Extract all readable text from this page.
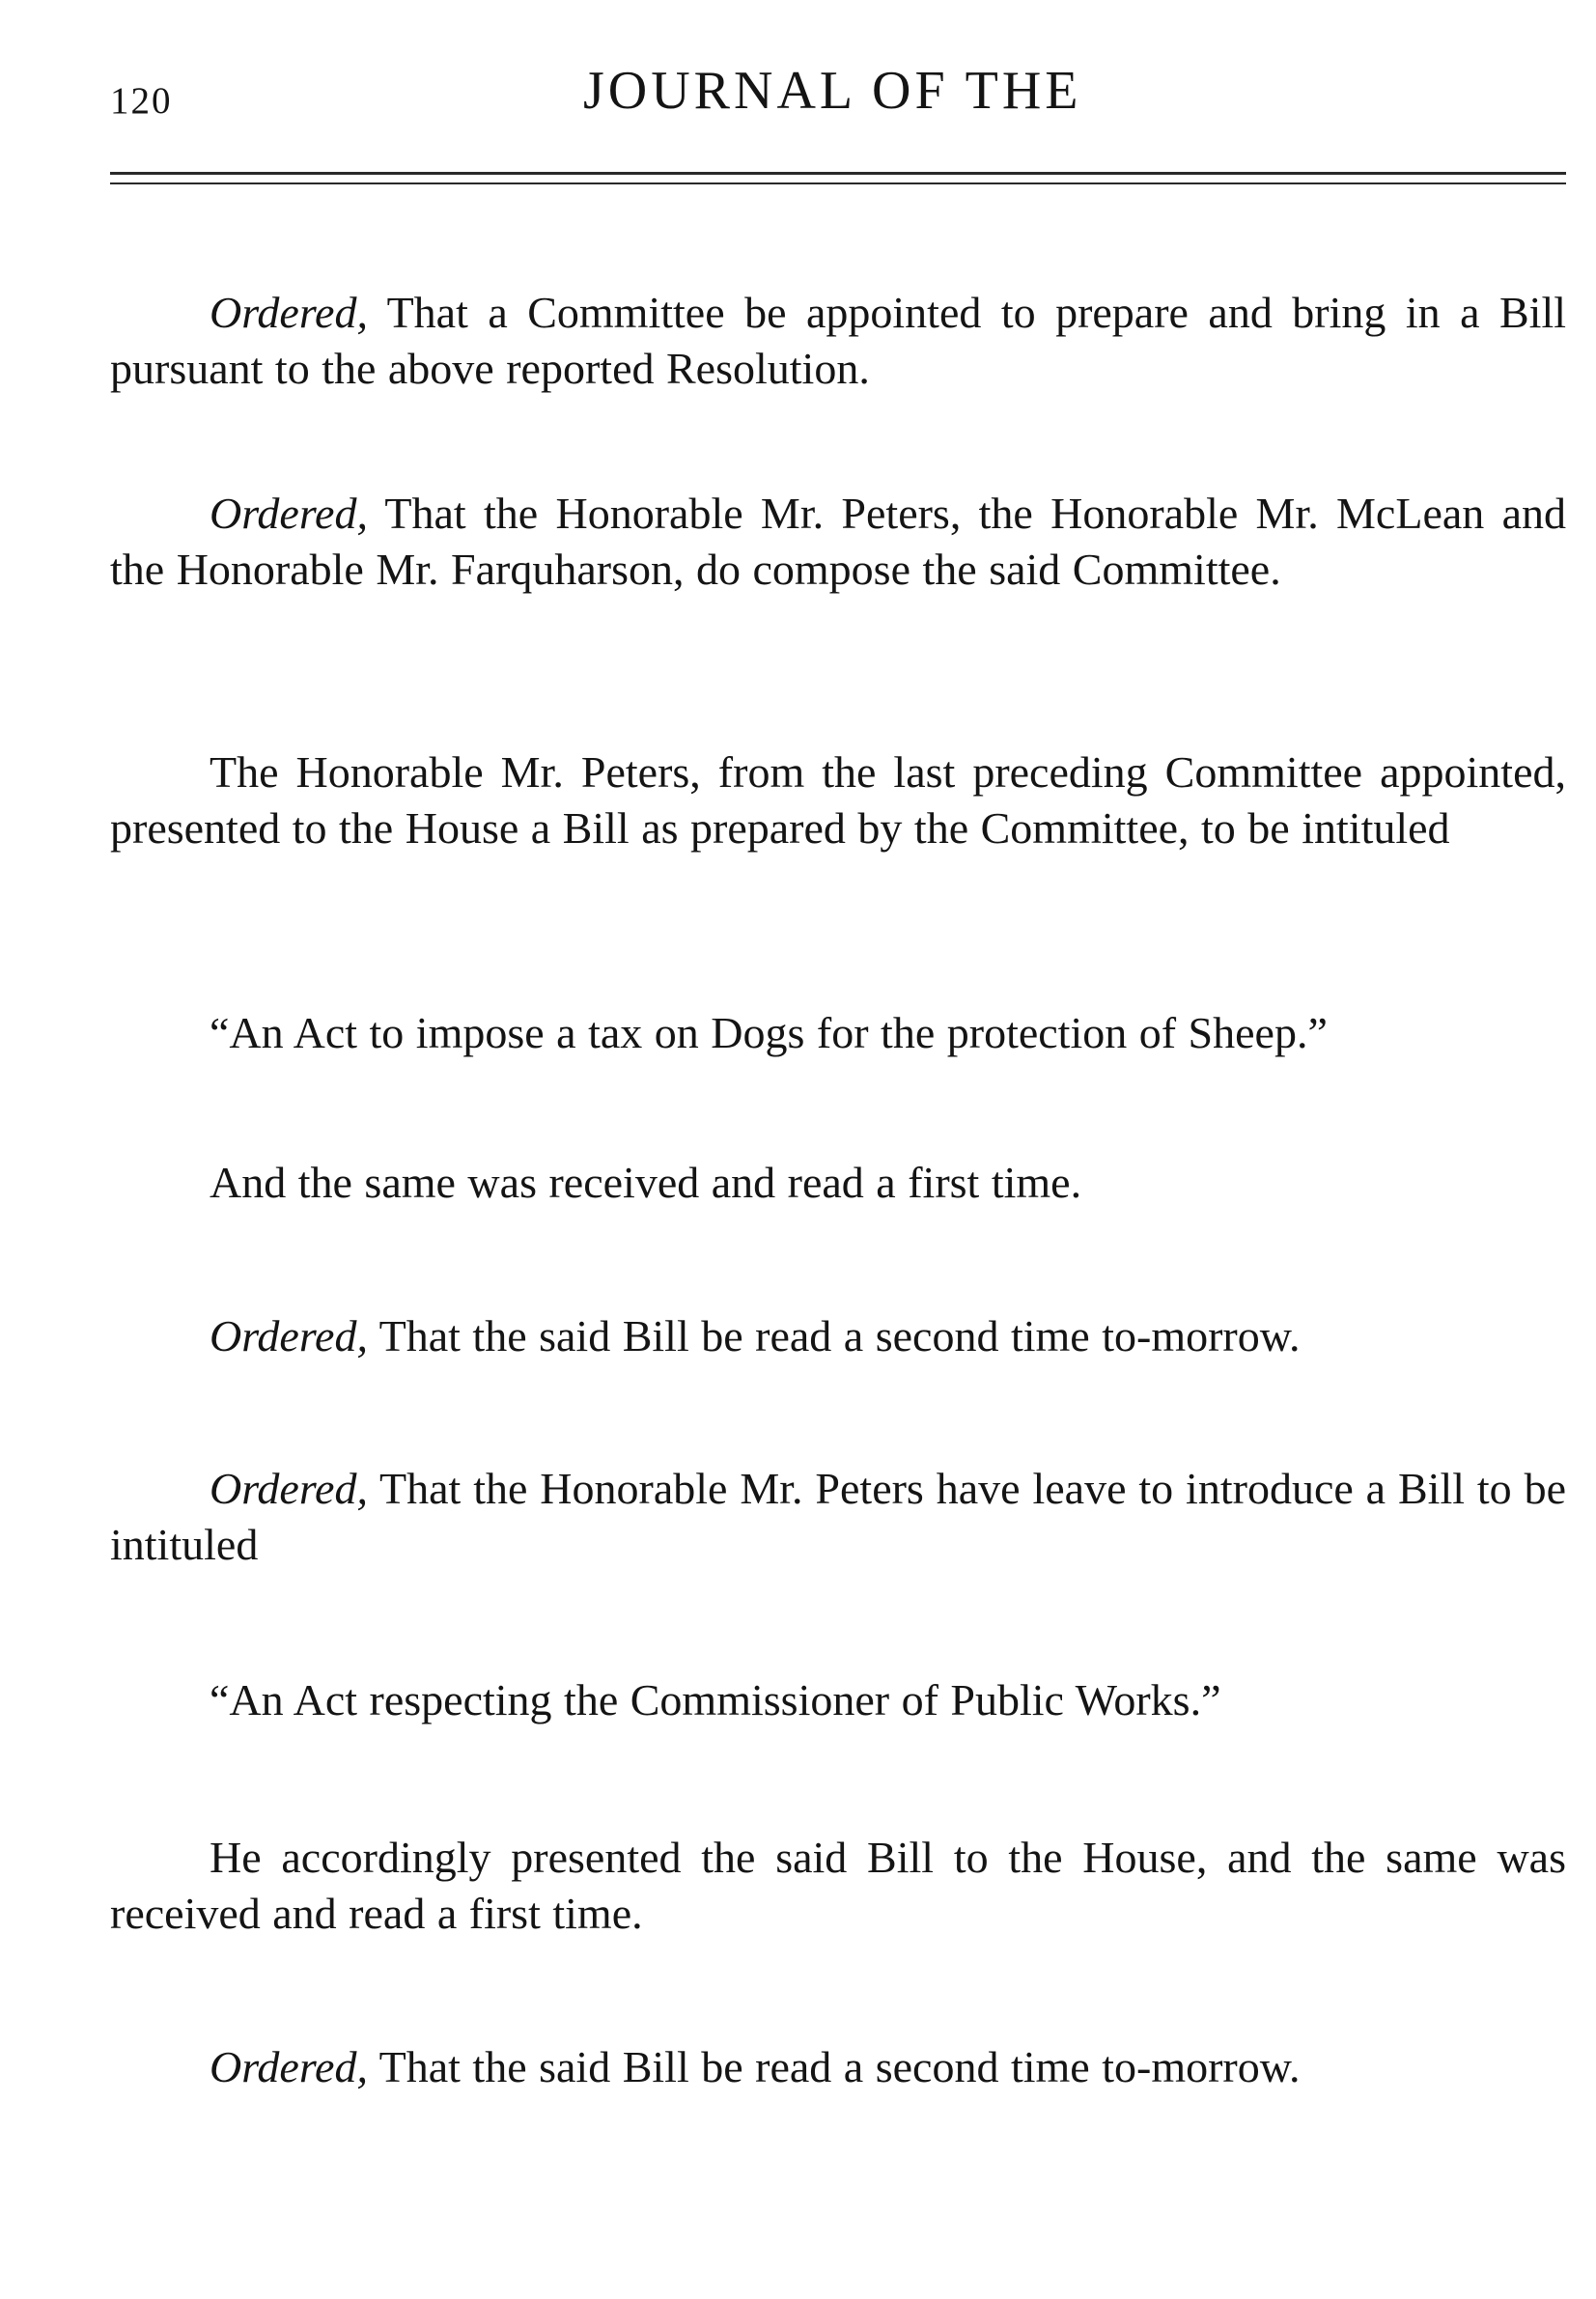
120	JOURNAL OF THE

Ordered, That a Committee be appointed to prepare and bring in a Bill pursuant to the above reported Resolution.

Ordered, That the Honorable Mr. Peters, the Honorable Mr. McLean and the Honorable Mr. Farquharson, do compose the said Committee.

The Honorable Mr. Peters, from the last preceding Committee appointed, presented to the House a Bill as prepared by the Committee, to be intituled

“An Act to impose a tax on Dogs for the protection of Sheep.”

And the same was received and read a first time.

Ordered, That the said Bill be read a second time to-morrow.

Ordered, That the Honorable Mr. Peters have leave to introduce a Bill to be intituled

“An Act respecting the Commissioner of Public Works.”

He accordingly presented the said Bill to the House, and the same was received and read a first time.

Ordered, That the said Bill be read a second time to-morrow.
